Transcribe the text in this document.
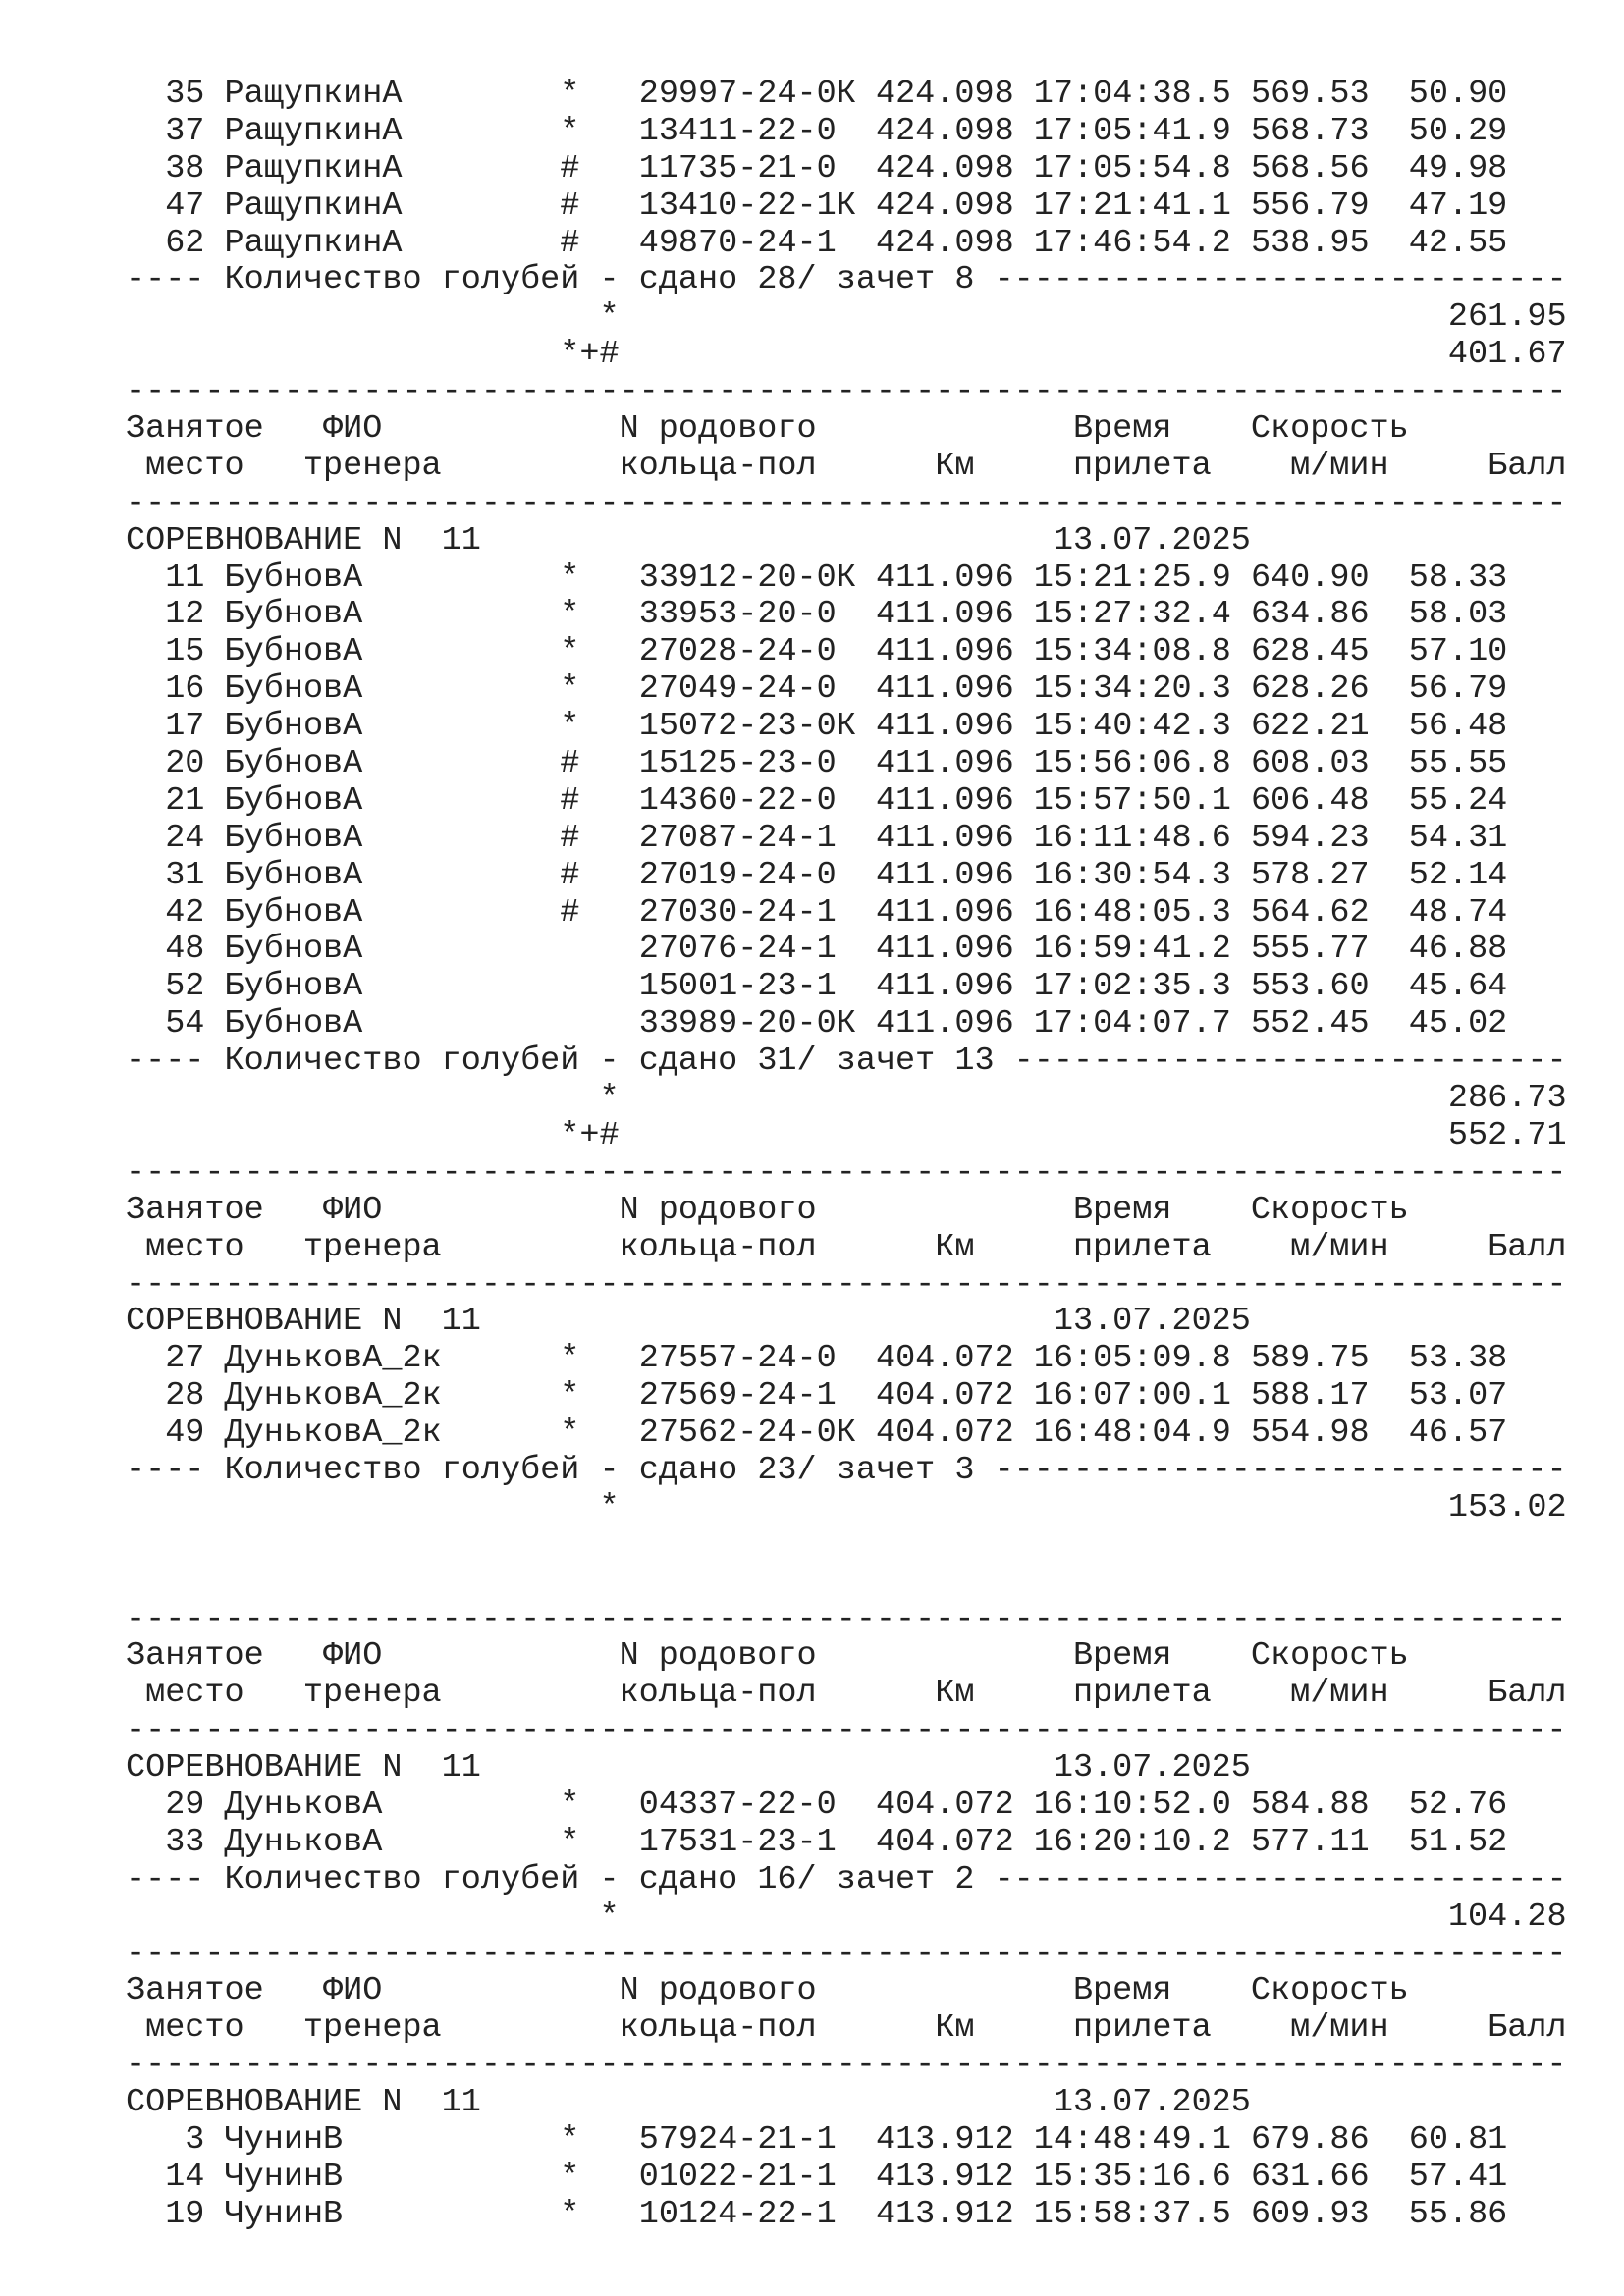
35 РащупкинА        *   29997-24-0К 424.098 17:04:38.5 569.53  50.90
37 РащупкинА        *   13411-22-0  424.098 17:05:41.9 568.73  50.29
38 РащупкинА        #   11735-21-0  424.098 17:05:54.8 568.56  49.98
47 РащупкинА        #   13410-22-1К 424.098 17:21:41.1 556.79  47.19
62 РащупкинА        #   49870-24-1  424.098 17:46:54.2 538.95  42.55
---- Количество голубей - сдано 28/ зачет 8 -----------------------------
*                                          261.95
*+#                                          401.67
-------------------------------------------------------------------------
Занятое   ФИО            N родового             Время    Скорость
место   тренера         кольца-пол      Км     прилета    м/мин     Балл
-------------------------------------------------------------------------
СОРЕВНОВАНИЕ N  11	13.07.2025
11 БубновА          *   33912-20-0К 411.096 15:21:25.9 640.90  58.33
12 БубновА          *   33953-20-0  411.096 15:27:32.4 634.86  58.03
15 БубновА          *   27028-24-0  411.096 15:34:08.8 628.45  57.10
16 БубновА          *   27049-24-0  411.096 15:34:20.3 628.26  56.79
17 БубновА          *   15072-23-0К 411.096 15:40:42.3 622.21  56.48
20 БубновА          #   15125-23-0  411.096 15:56:06.8 608.03  55.55
21 БубновА          #   14360-22-0  411.096 15:57:50.1 606.48  55.24
24 БубновА          #   27087-24-1  411.096 16:11:48.6 594.23  54.31
31 БубновА          #   27019-24-0  411.096 16:30:54.3 578.27  52.14
42 БубновА          #   27030-24-1  411.096 16:48:05.3 564.62  48.74
48 БубновА              27076-24-1  411.096 16:59:41.2 555.77  46.88
52 БубновА              15001-23-1  411.096 17:02:35.3 553.60  45.64
54 БубновА              33989-20-0К 411.096 17:04:07.7 552.45  45.02
---- Количество голубей - сдано 31/ зачет 13 ----------------------------
*                                          286.73
*+#                                          552.71
-------------------------------------------------------------------------
Занятое   ФИО            N родового             Время    Скорость
место   тренера         кольца-пол      Км     прилета    м/мин     Балл
-------------------------------------------------------------------------
СОРЕВНОВАНИЕ N  11	13.07.2025
27 ДуньковА_2к      *   27557-24-0  404.072 16:05:09.8 589.75  53.38
28 ДуньковА_2к      *   27569-24-1  404.072 16:07:00.1 588.17  53.07
49 ДуньковА_2к      *   27562-24-0К 404.072 16:48:04.9 554.98  46.57
---- Количество голубей - сдано 23/ зачет 3 -----------------------------
*                                          153.02
-------------------------------------------------------------------------
Занятое   ФИО            N родового             Время    Скорость
место   тренера         кольца-пол      Км     прилета    м/мин     Балл
-------------------------------------------------------------------------
СОРЕВНОВАНИЕ N  11	13.07.2025
29 ДуньковА         *   04337-22-0  404.072 16:10:52.0 584.88  52.76
33 ДуньковА         *   17531-23-1  404.072 16:20:10.2 577.11  51.52
---- Количество голубей - сдано 16/ зачет 2 -----------------------------
*                                          104.28
-------------------------------------------------------------------------
Занятое   ФИО            N родового             Время    Скорость
место   тренера         кольца-пол      Км     прилета    м/мин     Балл
-------------------------------------------------------------------------
СОРЕВНОВАНИЕ N  11	13.07.2025
3 ЧунинВ           *   57924-21-1  413.912 14:48:49.1 679.86  60.81
14 ЧунинВ           *   01022-21-1  413.912 15:35:16.6 631.66  57.41
19 ЧунинВ           *   10124-22-1  413.912 15:58:37.5 609.93  55.86
